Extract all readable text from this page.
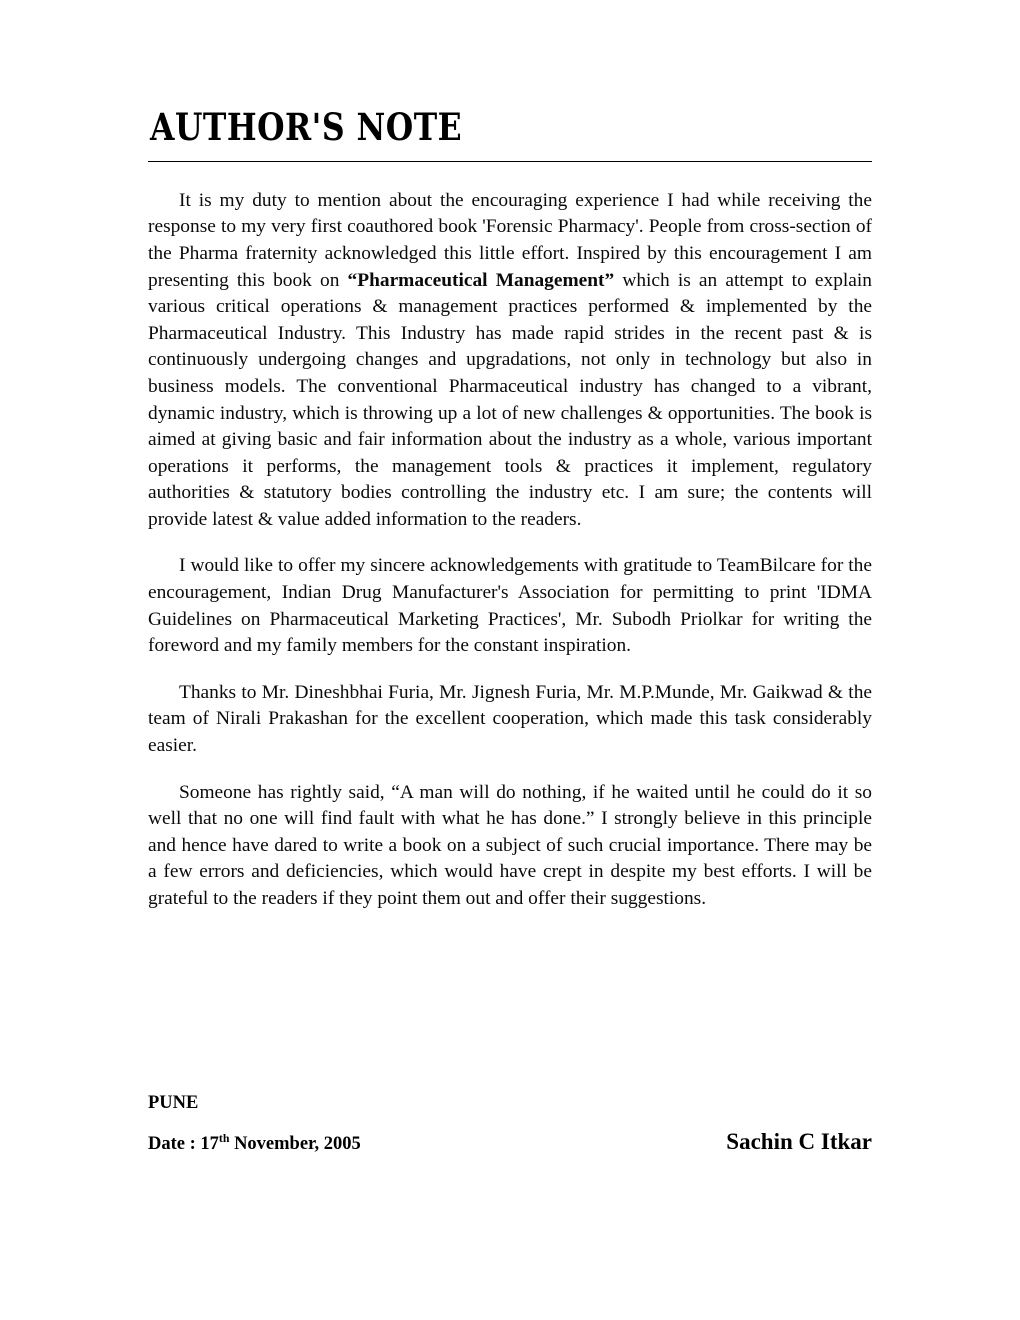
AUTHOR'S NOTE

It is my duty to mention about the encouraging experience I had while receiving the response to my very first coauthored book 'Forensic Pharmacy'. People from cross-section of the Pharma fraternity acknowledged this little effort. Inspired by this encouragement I am presenting this book on “Pharmaceutical Management” which is an attempt to explain various critical operations & management practices performed & implemented by the Pharmaceutical Industry. This Industry has made rapid strides in the recent past & is continuously undergoing changes and upgradations, not only in technology but also in business models. The conventional Pharmaceutical industry has changed to a vibrant, dynamic industry, which is throwing up a lot of new challenges & opportunities. The book is aimed at giving basic and fair information about the industry as a whole, various important operations it performs, the management tools & practices it implement, regulatory authorities & statutory bodies controlling the industry etc. I am sure; the contents will provide latest & value added information to the readers.

I would like to offer my sincere acknowledgements with gratitude to TeamBilcare for the encouragement, Indian Drug Manufacturer's Association for permitting to print 'IDMA Guidelines on Pharmaceutical Marketing Practices', Mr. Subodh Priolkar for writing the foreword and my family members for the constant inspiration.

Thanks to Mr. Dineshbhai Furia, Mr. Jignesh Furia, Mr. M.P.Munde, Mr. Gaikwad & the team of Nirali Prakashan for the excellent cooperation, which made this task considerably easier.

Someone has rightly said, “A man will do nothing, if he waited until he could do it so well that no one will find fault with what he has done.” I strongly believe in this principle and hence have dared to write a book on a subject of such crucial importance. There may be a few errors and deficiencies, which would have crept in despite my best efforts. I will be grateful to the readers if they point them out and offer their suggestions.

PUNE
Date : 17th November, 2005	Sachin C Itkar
